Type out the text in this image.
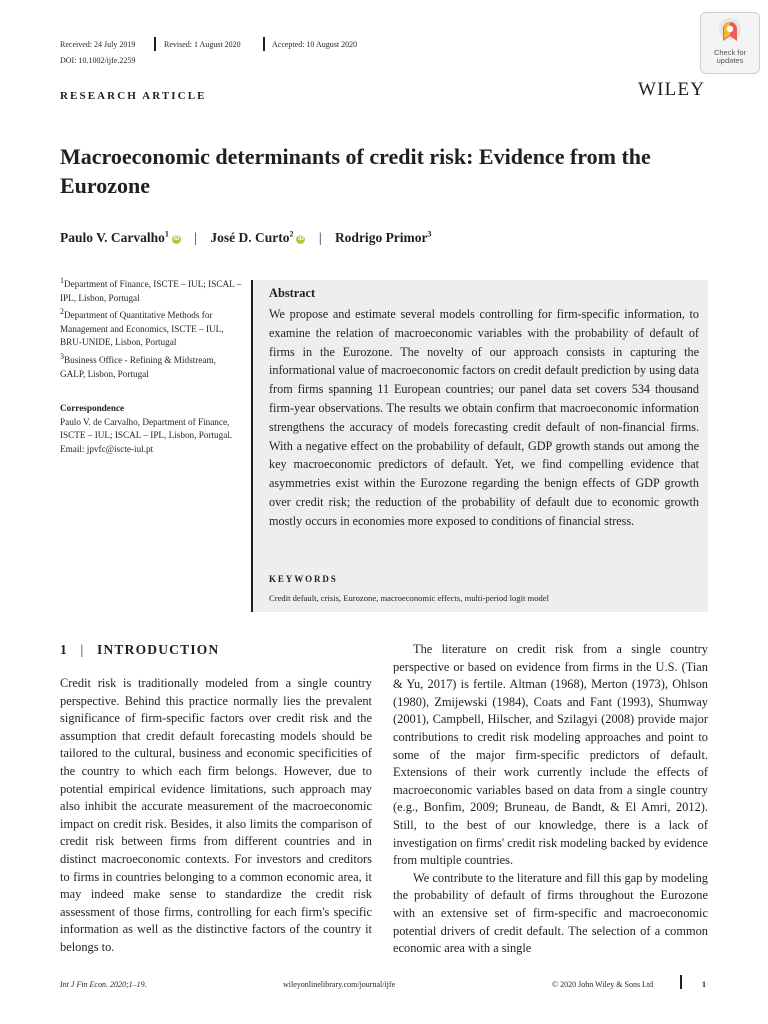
Received: 24 July 2019	Revised: 1 August 2020	Accepted: 10 August 2020
DOI: 10.1002/ijfe.2259
Check for updates
WILEY
RESEARCH ARTICLE
Macroeconomic determinants of credit risk: Evidence from the Eurozone
Paulo V. Carvalho$^1$iD | José D. Curto$^2$iD | Rodrigo Primor$^3$

$^1$Department of Finance, ISCTE – IUL; ISCAL – IPL, Lisbon, Portugal

$^2$Department of Quantitative Methods for Management and Economics, ISCTE – IUL, BRU-UNIDE, Lisbon, Portugal

$^3$Business Office - Refining & Midstream, GALP, Lisbon, Portugal

Correspondence

Paulo V. de Carvalho, Department of Finance, ISCTE – IUL; ISCAL – IPL, Lisbon, Portugal.

Email: jpvfc@iscte-iul.pt

Abstract

We propose and estimate several models controlling for firm-specific information, to examine the relation of macroeconomic variables with the probability of default of firms in the Eurozone. The novelty of our approach consists in capturing the informational value of macroeconomic factors on credit default prediction by using data from firms spanning 11 European countries; our panel data set covers 534 thousand firm-year observations. The results we obtain confirm that macroeconomic information strengthens the accuracy of models forecasting credit default of non-financial firms. With a negative effect on the probability of default, GDP growth stands out among the key macroeconomic predictors of default. Yet, we find compelling evidence that asymmetries exist within the Eurozone regarding the benign effects of GDP growth over credit risk; the reduction of the probability of default due to economic growth mostly occurs in economies more exposed to conditions of financial stress.

KEYWORDS
Credit default, crisis, Eurozone, macroeconomic effects, multi-period logit model
1 | INTRODUCTION

Credit risk is traditionally modeled from a single country perspective. Behind this practice normally lies the prevalent significance of firm-specific factors over credit risk and the assumption that credit default forecasting models should be tailored to the cultural, business and economic specificities of the country to which each firm belongs. However, due to potential empirical evidence limitations, such approach may also inhibit the accurate measurement of the macroeconomic impact on credit risk. Besides, it also limits the comparison of credit risk between firms from different countries and in distinct macroeconomic contexts. For investors and creditors to firms in countries belonging to a common economic area, it may indeed make sense to standardize the credit risk assessment of those firms, controlling for each firm's specific information as well as the distinctive factors of the country it belongs to.

The literature on credit risk from a single country perspective or based on evidence from firms in the U.S. (Tian & Yu, 2017) is fertile. Altman (1968), Merton (1973), Ohlson (1980), Zmijewski (1984), Coats and Fant (1993), Shumway (2001), Campbell, Hilscher, and Szilagyi (2008) provide major contributions to credit risk modeling approaches and point to some of the major firm-specific predictors of default. Extensions of their work currently include the effects of macroeconomic variables based on data from a single country (e.g., Bonfim, 2009; Bruneau, de Bandt, & El Amri, 2012). Still, to the best of our knowledge, there is a lack of investigation on firms' credit risk modeling backed by evidence from multiple countries.

We contribute to the literature and fill this gap by modeling the probability of default of firms throughout the Eurozone with an extensive set of firm-specific and macroeconomic potential drivers of credit default. The selection of a common economic area with a single

Int J Fin Econ. 2020;1–19.	wileyonlinelibrary.com/journal/ijfe	© 2020 John Wiley & Sons Ltd	1
